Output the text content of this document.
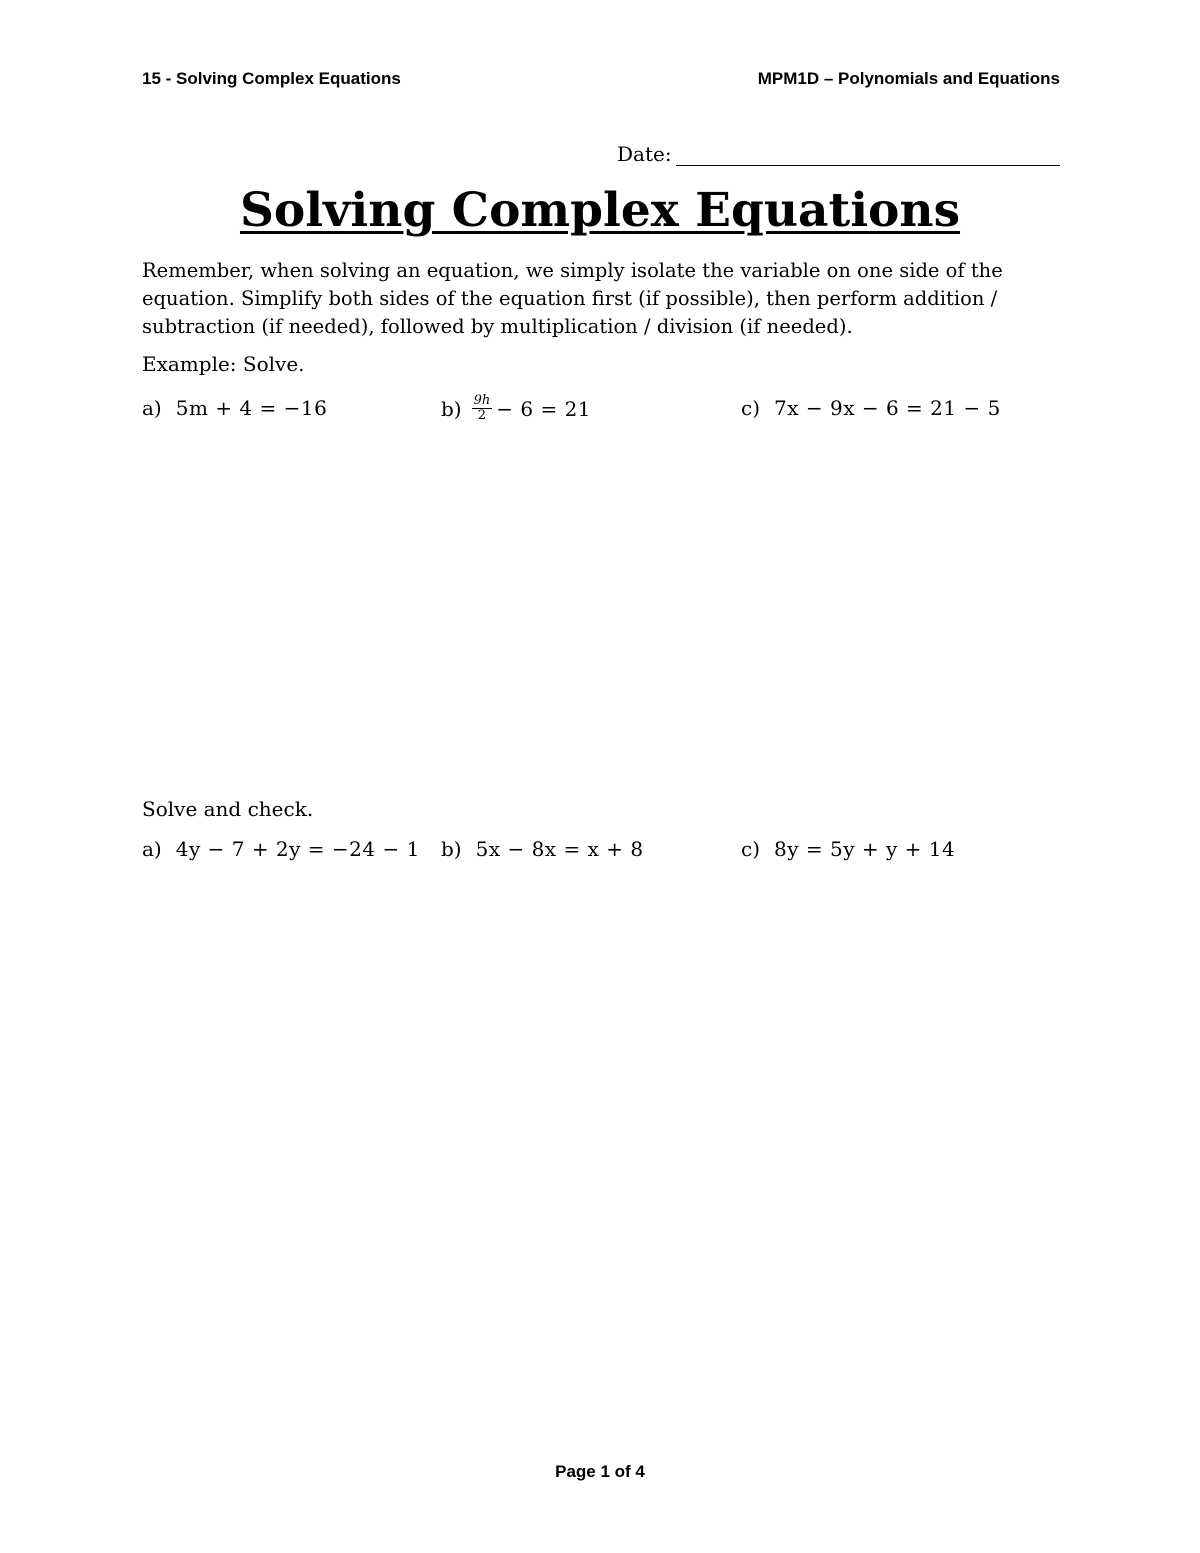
15 - Solving Complex Equations	MPM1D – Polynomials and Equations
Date:
Solving Complex Equations

Remember, when solving an equation, we simply isolate the variable on one side of the

equation. Simplify both sides of the equation first (if possible), then perform addition /

subtraction (if needed), followed by multiplication / division (if needed).

Example: Solve.
a) 5m + 4 = −16	$b) \frac{9h}{2} - 6 = 21$	c) 7x − 9x − 6 = 21 − 5
Solve and check.
a) 4y − 7 + 2y = −24 − 1 b) 5x − 8x = x + 8	c) 8y = 5y + y + 14
Page 1 of 4
